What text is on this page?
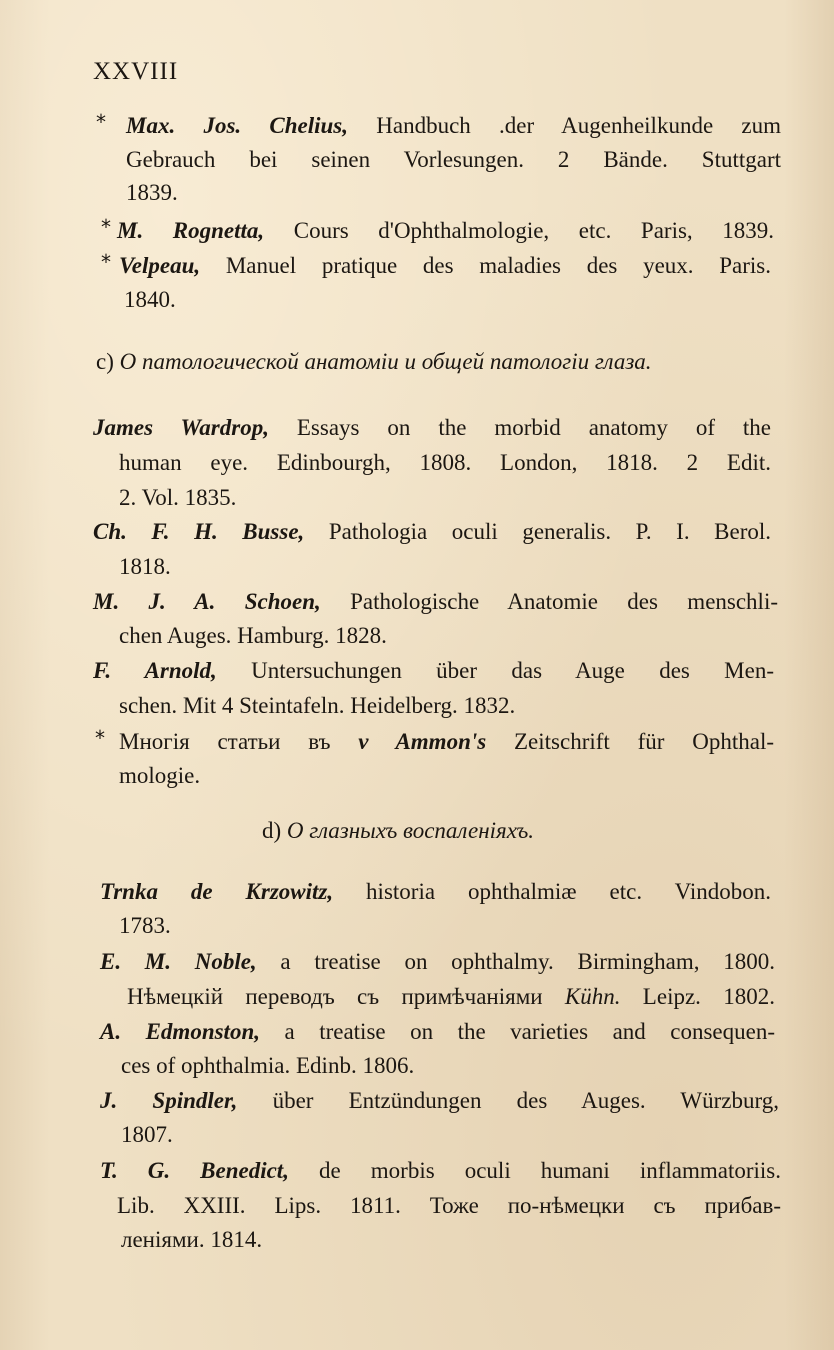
XXVIII
* Max. Jos. Chelius, Handbuch .der Augenheilkunde zum
Gebrauch bei seinen Vorlesungen. 2 Bände. Stuttgart
1839.
* M. Rognetta, Cours d'Ophthalmologie, etc. Paris, 1839.
* Velpeau, Manuel pratique des maladies des yeux. Paris.
1840.
c) О патологической анатоміи и общей патологіи глаза.
James Wardrop, Essays on the morbid anatomy of the
human eye. Edinbourgh, 1808. London, 1818. 2 Edit.
2. Vol. 1835.
Ch. F. H. Busse, Pathologia oculi generalis. P. I. Berol.
1818.
M. J. A. Schoen, Pathologische Anatomie des menschli-
chen Auges. Hamburg. 1828.
F. Arnold, Untersuchungen über das Auge des Men-
schen. Mit 4 Steintafeln. Heidelberg. 1832.
* Многія статьи въ v Ammon's Zeitschrift für Ophthal-
mologie.
d) О глазныхъ воспаленіяхъ.
Trnka de Krzowitz, historia ophthalmiæ etc. Vindobon.
1783.
E. M. Noble, a treatise on ophthalmy. Birmingham, 1800.
Нѣмецкій переводъ съ примѣчаніями Kühn. Leipz. 1802.
A. Edmonston, a treatise on the varieties and consequen-
ces of ophthalmia. Edinb. 1806.
J. Spindler, über Entzündungen des Auges. Würzburg,
1807.
T. G. Benedict, de morbis oculi humani inflammatoriis.
Lib. XXIII. Lips. 1811. Тоже по-нѣмецки съ прибав-
леніями. 1814.
